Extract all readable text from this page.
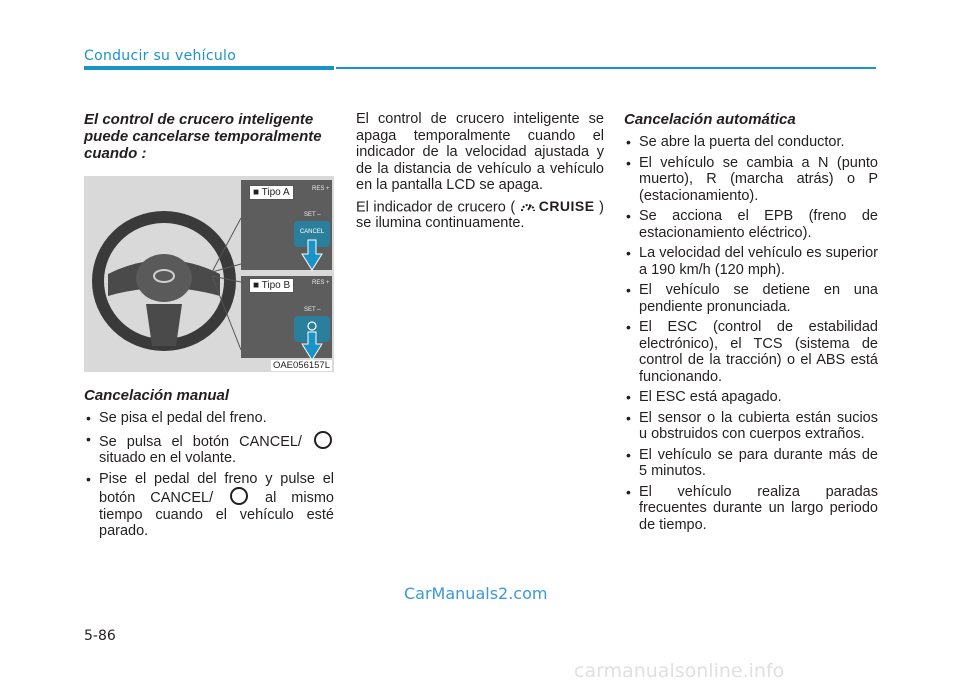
Conducir su vehículo

El control de crucero inteligente puede cancelarse temporalmente cuando :

CANCEL
SET –
RES +
SET –
RES +
■ Tipo A
■ Tipo B
OAE056157L

Cancelación manual

• Se pisa el pedal del freno.
• Se pulsa el botón CANCEL/  situado en el volante.
• Pise el pedal del freno y pulse el botón CANCEL/	al mismo tiempo cuando el vehículo esté parado.

El control de crucero inteligente se apaga temporalmente cuando el indicador de la velocidad ajustada y de la distancia de vehículo a vehículo en la pantalla LCD se apaga.

El indicador de crucero ( CRUISE ) se ilumina continuamente.

Cancelación automática

• Se abre la puerta del conductor.
• El vehículo se cambia a N (punto muerto), R (marcha atrás) o P (estacionamiento).
• Se acciona el EPB (freno de estacionamiento eléctrico).
• La velocidad del vehículo es superior a 190 km/h (120 mph).
• El vehículo se detiene en una pendiente pronunciada.
• El ESC (control de estabilidad electrónico), el TCS (sistema de control de la tracción) o el ABS está funcionando.
• El ESC está apagado.
• El sensor o la cubierta están sucios u obstruidos con cuerpos extraños.
• El vehículo se para durante más de 5 minutos.
• El vehículo realiza paradas frecuentes durante un largo periodo de tiempo.
CarManuals2.com
5-86
carmanualsonline.info
